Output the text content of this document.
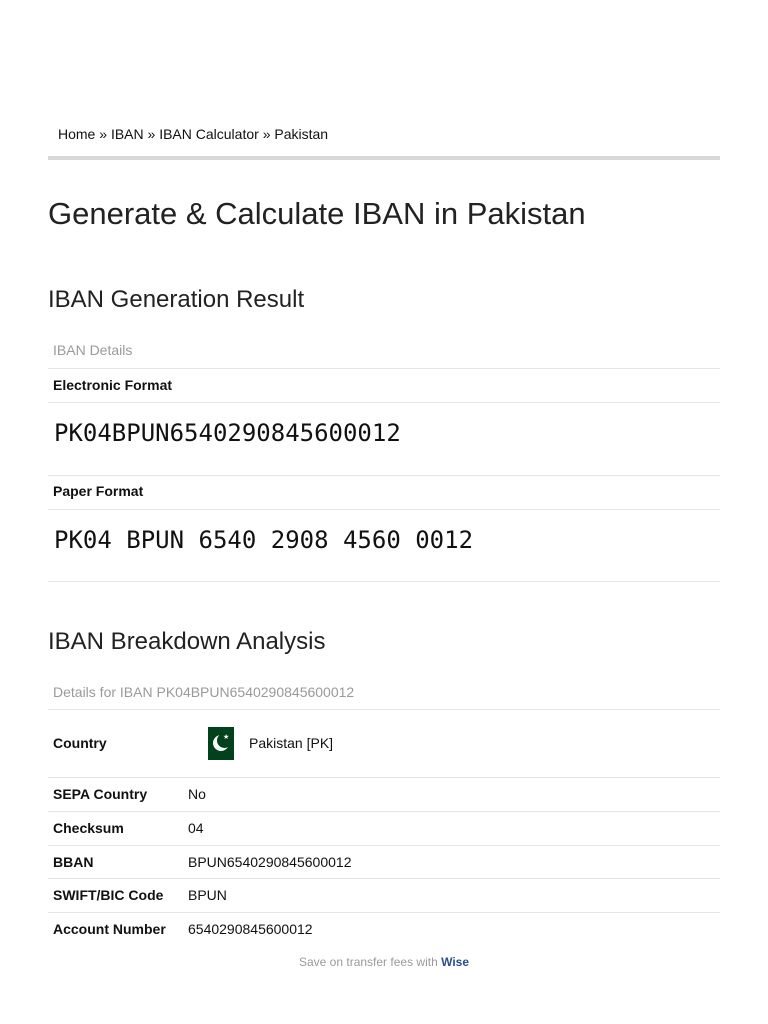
Home » IBAN » IBAN Calculator » Pakistan
Generate & Calculate IBAN in Pakistan
IBAN Generation Result
IBAN Details
Electronic Format
PK04BPUN6540290845600012
Paper Format
PK04 BPUN 6540 2908 4560 0012
IBAN Breakdown Analysis
Details for IBAN PK04BPUN6540290845600012
Country	★ Pakistan [PK]
SEPA Country	No
Checksum	04
BBAN	BPUN6540290845600012
SWIFT/BIC Code BPUN
Account Number 6540290845600012
Save on transfer fees with Wise
